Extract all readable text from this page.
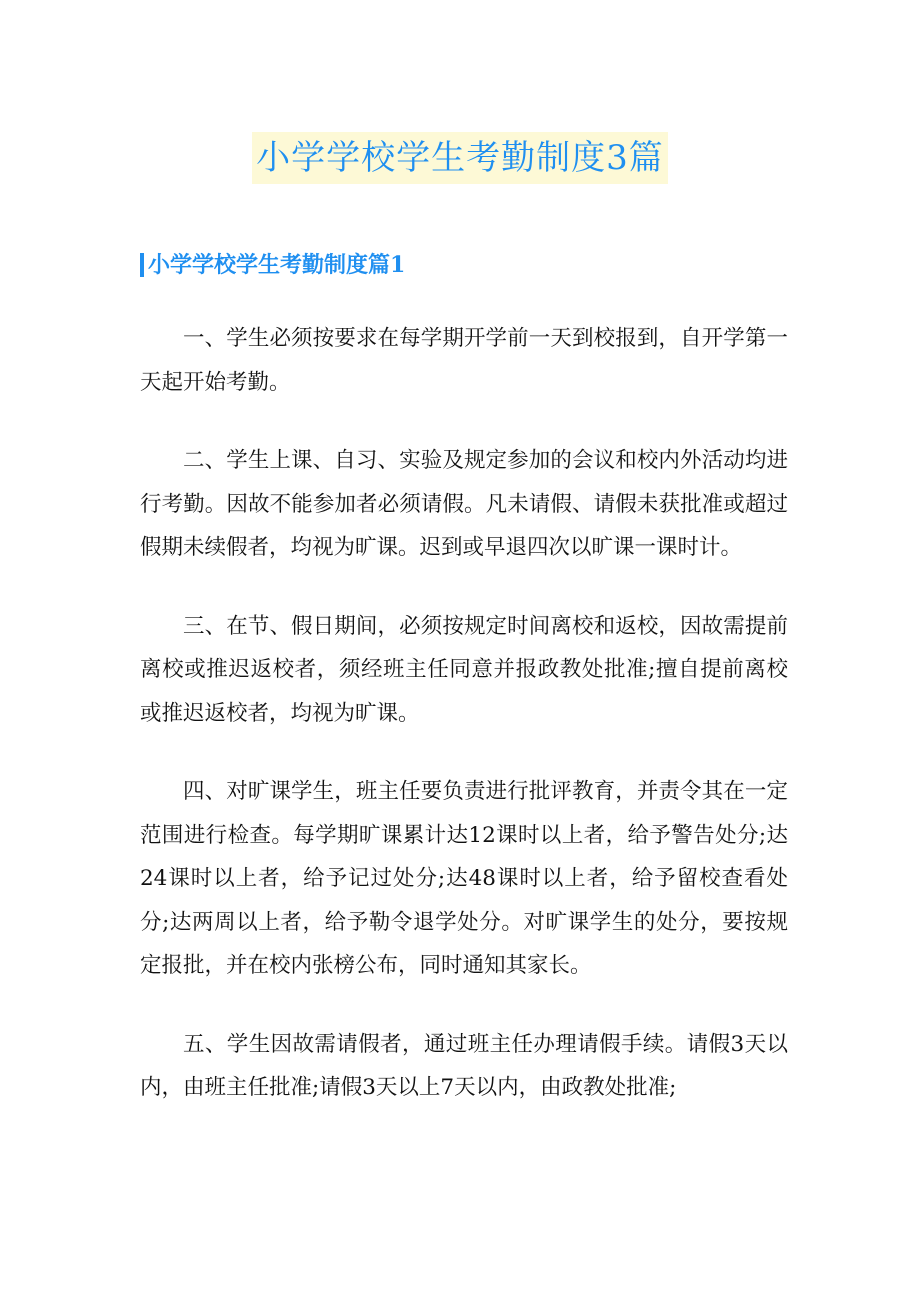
小学学校学生考勤制度3篇
小学学校学生考勤制度篇1

一、学生必须按要求在每学期开学前一天到校报到，自开学第一天起开始考勤。

二、学生上课、自习、实验及规定参加的会议和校内外活动均进行考勤。因故不能参加者必须请假。凡未请假、请假未获批准或超过假期未续假者，均视为旷课。迟到或早退四次以旷课一课时计。

三、在节、假日期间，必须按规定时间离校和返校，因故需提前离校或推迟返校者，须经班主任同意并报政教处批准;擅自提前离校或推迟返校者，均视为旷课。

四、对旷课学生，班主任要负责进行批评教育，并责令其在一定范围进行检查。每学期旷课累计达12课时以上者，给予警告处分;达24课时以上者，给予记过处分;达48课时以上者，给予留校查看处分;达两周以上者，给予勒令退学处分。对旷课学生的处分，要按规定报批，并在校内张榜公布，同时通知其家长。

五、学生因故需请假者，通过班主任办理请假手续。请假3天以内，由班主任批准;请假3天以上7天以内，由政教处批准;
